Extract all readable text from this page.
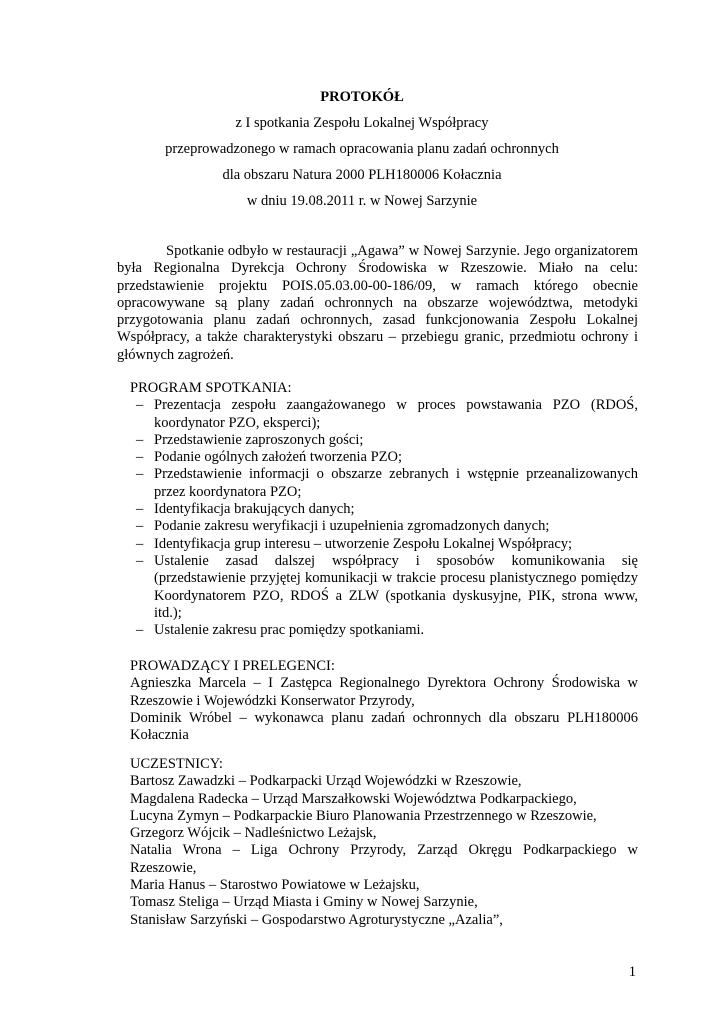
PROTOKÓŁ
z I spotkania Zespołu Lokalnej Współpracy
przeprowadzonego w ramach opracowania planu zadań ochronnych
dla obszaru Natura 2000 PLH180006 Kołacznia
w dniu 19.08.2011 r. w Nowej Sarzynie
Spotkanie odbyło w restauracji „Agawa” w Nowej Sarzynie. Jego organizatorem była Regionalna Dyrekcja Ochrony Środowiska w Rzeszowie. Miało na celu: przedstawienie projektu POIS.05.03.00-00-186/09, w ramach którego obecnie opracowywane są plany zadań ochronnych na obszarze województwa, metodyki przygotowania planu zadań ochronnych, zasad funkcjonowania Zespołu Lokalnej Współpracy, a także charakterystyki obszaru – przebiegu granic, przedmiotu ochrony i głównych zagrożeń.
PROGRAM SPOTKANIA:
– Prezentacja zespołu zaangażowanego w proces powstawania PZO (RDOŚ, koordynator PZO, eksperci);
– Przedstawienie zaproszonych gości;
– Podanie ogólnych założeń tworzenia PZO;
– Przedstawienie informacji o obszarze zebranych i wstępnie przeanalizowanych przez koordynatora PZO;
– Identyfikacja brakujących danych;
– Podanie zakresu weryfikacji i uzupełnienia zgromadzonych danych;
– Identyfikacja grup interesu – utworzenie Zespołu Lokalnej Współpracy;
– Ustalenie zasad dalszej współpracy i sposobów komunikowania się (przedstawienie przyjętej komunikacji w trakcie procesu planistycznego pomiędzy Koordynatorem PZO, RDOŚ a ZLW (spotkania dyskusyjne, PIK, strona www, itd.);
– Ustalenie zakresu prac pomiędzy spotkaniami.
PROWADZĄCY I PRELEGENCI:
Agnieszka Marcela – I Zastępca Regionalnego Dyrektora Ochrony Środowiska w Rzeszowie i Wojewódzki Konserwator Przyrody,
Dominik Wróbel – wykonawca planu zadań ochronnych dla obszaru PLH180006 Kołacznia
UCZESTNICY:
Bartosz Zawadzki – Podkarpacki Urząd Wojewódzki w Rzeszowie,
Magdalena Radecka – Urząd Marszałkowski Województwa Podkarpackiego,
Lucyna Zymyn – Podkarpackie Biuro Planowania Przestrzennego w Rzeszowie,
Grzegorz Wójcik – Nadleśnictwo Leżajsk,
Natalia Wrona – Liga Ochrony Przyrody, Zarząd Okręgu Podkarpackiego w Rzeszowie,
Maria Hanus – Starostwo Powiatowe w Leżajsku,
Tomasz Steliga – Urząd Miasta i Gminy w Nowej Sarzynie,
Stanisław Sarzyński – Gospodarstwo Agroturystyczne „Azalia”,
1
